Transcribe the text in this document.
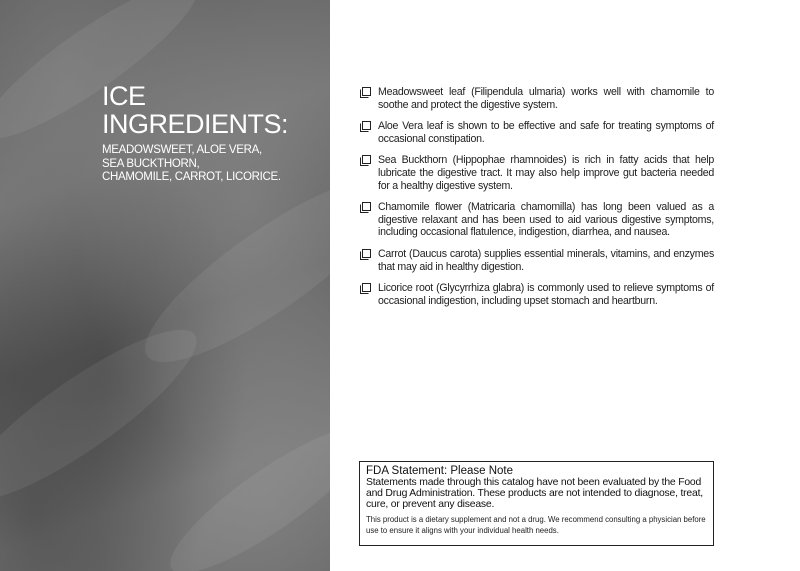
ICE
INGREDIENTS:
MEADOWSWEET, ALOE VERA,
SEA BUCKTHORN,
CHAMOMILE, CARROT, LICORICE.
Meadowsweet leaf (Filipendula ulmaria) works well with chamomile to soothe and protect the digestive system.
Aloe Vera leaf is shown to be effective and safe for treating symptoms of occasional constipation.
Sea Buckthorn (Hippophae rhamnoides) is rich in fatty acids that help lubricate the digestive tract. It may also help improve gut bacteria needed for a healthy digestive system.
Chamomile flower (Matricaria chamomilla) has long been valued as a digestive relaxant and has been used to aid various digestive symptoms, including occasional flatulence, indigestion, diarrhea, and nausea.
Carrot (Daucus carota) supplies essential minerals, vitamins, and enzymes that may aid in healthy digestion.
Licorice root (Glycyrrhiza glabra) is commonly used to relieve symptoms of occasional indigestion, including upset stomach and heartburn.
FDA Statement: Please Note
Statements made through this catalog have not been evaluated by the Food and Drug Administration. These products are not intended to diagnose, treat, cure, or prevent any disease.
This product is a dietary supplement and not a drug. We recommend consulting a physician before use to ensure it aligns with your individual health needs.
